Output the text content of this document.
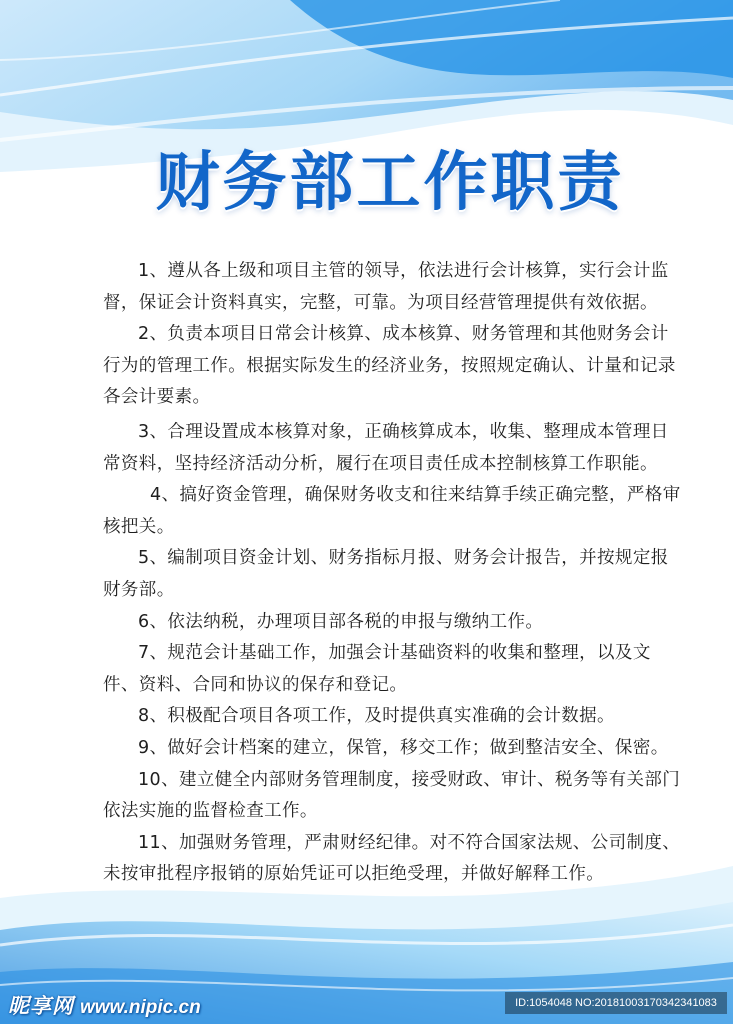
财务部工作职责
1、遵从各上级和项目主管的领导，依法进行会计核算，实行会计监
督，保证会计资料真实，完整，可靠。为项目经营管理提供有效依据。
2、负责本项目日常会计核算、成本核算、财务管理和其他财务会计
行为的管理工作。根据实际发生的经济业务，按照规定确认、计量和记录
各会计要素。
3、合理设置成本核算对象，正确核算成本，收集、整理成本管理日
常资料，坚持经济活动分析，履行在项目责任成本控制核算工作职能。
4、搞好资金管理，确保财务收支和往来结算手续正确完整，严格审
核把关。
5、编制项目资金计划、财务指标月报、财务会计报告，并按规定报
财务部。
6、依法纳税，办理项目部各税的申报与缴纳工作。
7、规范会计基础工作，加强会计基础资料的收集和整理，以及文
件、资料、合同和协议的保存和登记。
8、积极配合项目各项工作，及时提供真实准确的会计数据。
9、做好会计档案的建立，保管，移交工作；做到整洁安全、保密。
10、建立健全内部财务管理制度，接受财政、审计、税务等有关部门
依法实施的监督检查工作。
11、加强财务管理，严肃财经纪律。对不符合国家法规、公司制度、
未按审批程序报销的原始凭证可以拒绝受理，并做好解释工作。
昵享网 www.nipic.cn	ID:1054048 NO:20181003170342341083
